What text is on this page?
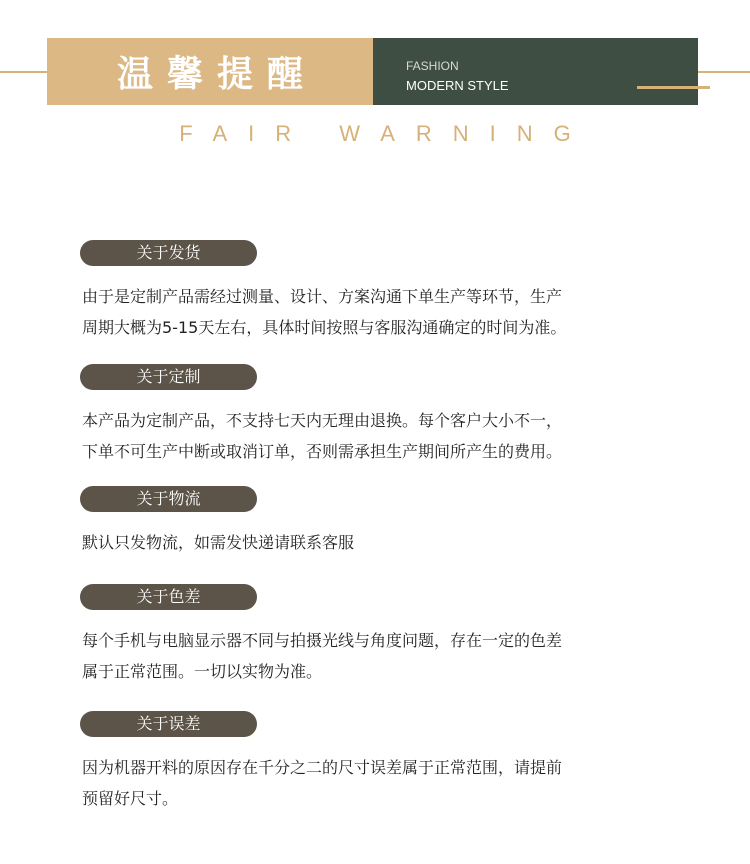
温馨提醒	FASHION
MODERN STYLE
FAIR WARNING
关于发货

由于是定制产品需经过测量、设计、方案沟通下单生产等环节，生产

周期大概为5-15天左右，具体时间按照与客服沟通确定的时间为准。

关于定制

本产品为定制产品，不支持七天内无理由退换。每个客户大小不一，

下单不可生产中断或取消订单，否则需承担生产期间所产生的费用。

关于物流

默认只发物流，如需发快递请联系客服

关于色差

每个手机与电脑显示器不同与拍摄光线与角度问题，存在一定的色差

属于正常范围。一切以实物为准。

关于误差

因为机器开料的原因存在千分之二的尺寸误差属于正常范围，请提前

预留好尺寸。
